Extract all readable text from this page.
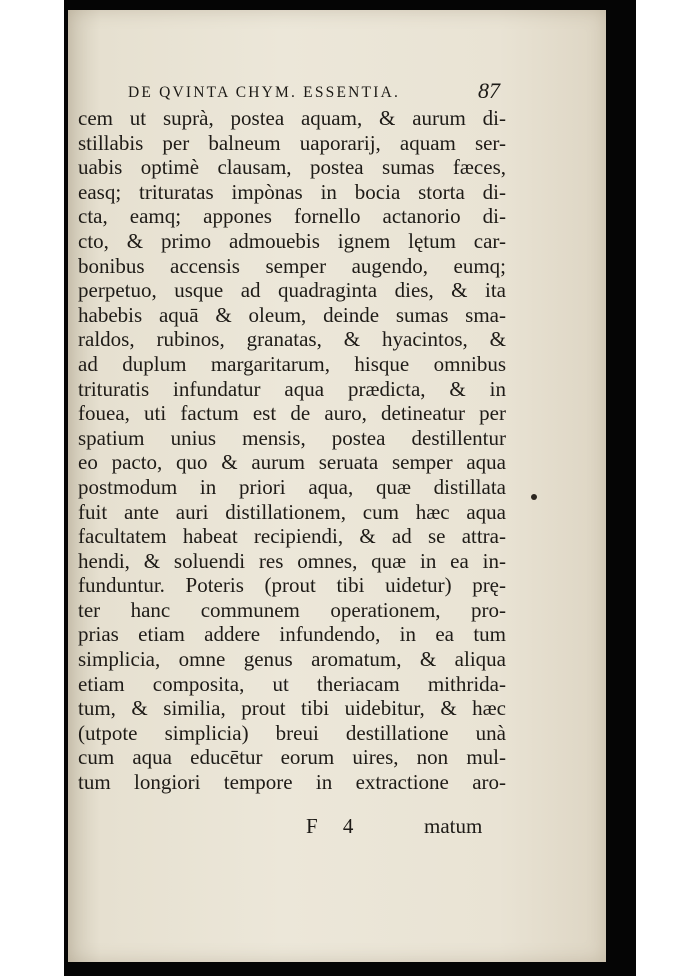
DE QVINTA CHYM. ESSENTIA.	87
cem ut suprà, postea aquam, & aurum di-
stillabis per balneum uaporarij, aquam ser-
uabis optimè clausam, postea sumas fæces,
easq; trituratas impònas in bocia storta di-
cta, eamq; appones fornello actanorio di-
cto, & primo admouebis ignem lętum car-
bonibus accensis semper augendo, eumq;
perpetuo, usque ad quadraginta dies, & ita
habebis aquā & oleum, deinde sumas sma-
raldos, rubinos, granatas, & hyacintos, &
ad duplum margaritarum, hisque omnibus
trituratis infundatur aqua prædicta, & in
fouea, uti factum est de auro, detineatur per
spatium unius mensis, postea destillentur
eo pacto, quo & aurum seruata semper aqua
postmodum in priori aqua, quæ distillata
fuit ante auri distillationem, cum hæc aqua
facultatem habeat recipiendi, & ad se attra-
hendi, & soluendi res omnes, quæ in ea in-
funduntur. Poteris (prout tibi uidetur) prę-
ter hanc communem operationem, pro-
prias etiam addere infundendo, in ea tum
simplicia, omne genus aromatum, & aliqua
etiam composita, ut theriacam mithrida-
tum, & similia, prout tibi uidebitur, & hæc
(utpote simplicia) breui destillatione unà
cum aqua educētur eorum uires, non mul-
tum longiori tempore in extractione aro-
F 4	matum
